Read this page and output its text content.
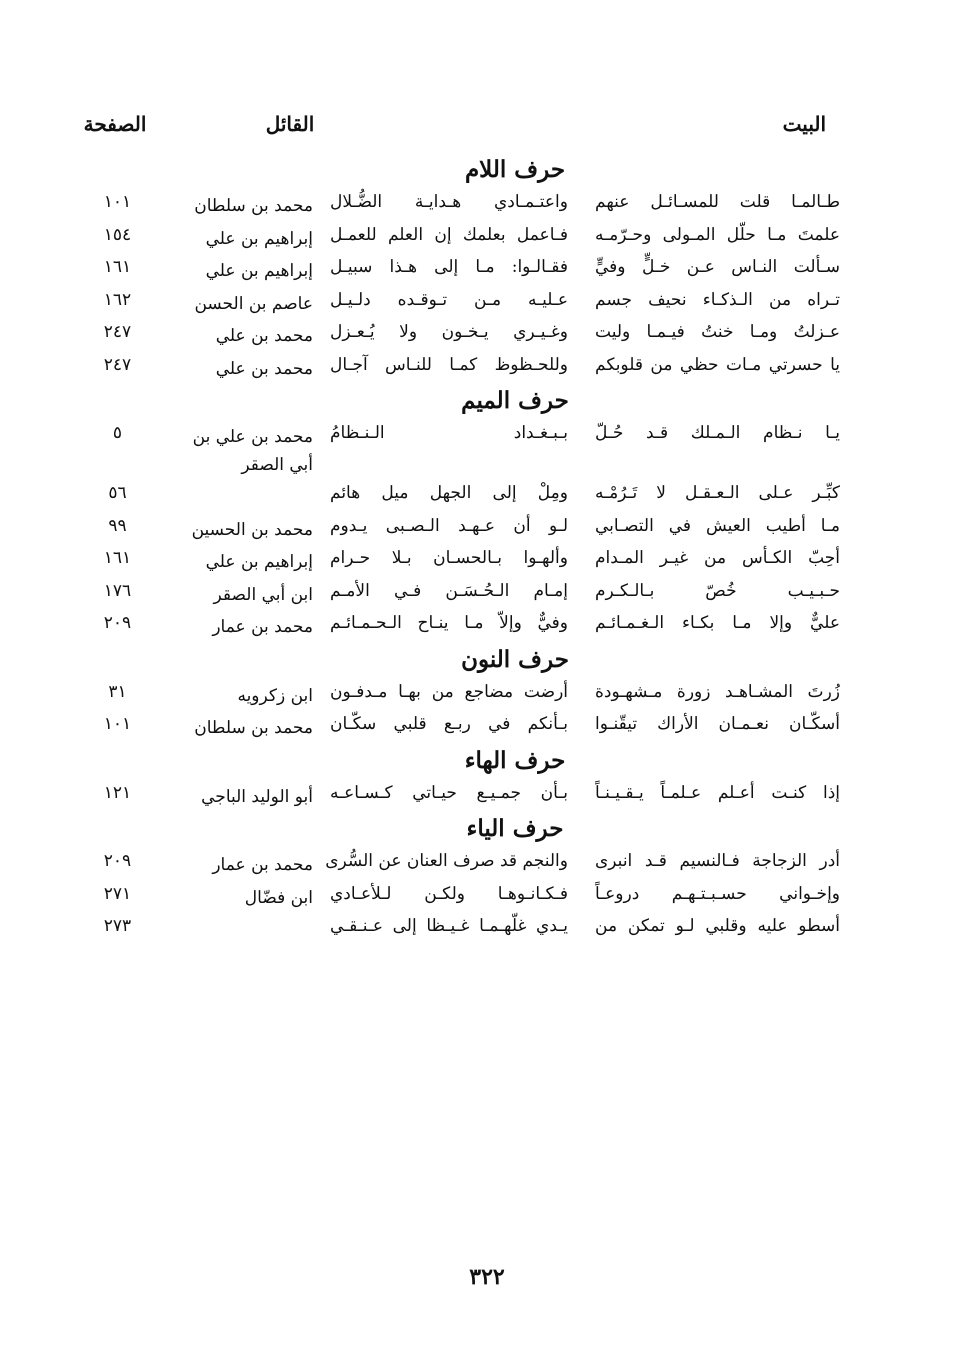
البيت
القائل
الصفحة
حرف اللام
طـالمـا قلت للمسـائـل عنهم
واعتـمـادي هـدايـة الضُّـلال
محمد بن سلطان
١٠١
علمتَ مـا حلّل المـولى وحـرّمـه
فـاعمل بعلمك إن العلم للعمـل
إبراهيم بن علي
١٥٤
سـألت النـاس عـن خـلٍّ وفيٍّ
فقـالـوا: مـا إلى هـذا سبيـل
إبراهيم بن علي
١٦١
تـراه من الـذكـاء نحيف جسم
عـليـه مـن تـوقـده دلـيـل
عاصم بن الحسن
١٦٢
عـزلتُ ومـا خنتُ فيـمـا وليت
وغـيـري يـخـون ولا يُـعـزل
محمد بن علي
٢٤٧
يا حسرتي مـات حظي من قلوبكم
وللحـظوظ كمـا للنـاس آجـال
محمد بن علي
٢٤٧
حرف الميم
يـا نـظام الـمـلك قـد حُـلّ
بـبـغـداد الـنـظامُ
محمد بن علي بن أبي الصقر
٥
كبِّـر عـلى الـعـقـل لا تَـرُمْـه
ومِلْ إلى الجهل ميل هائم
٥٦
مـا أطيب العيش في التصـابي
لـو أن عـهـد الـصـبى يـدوم
محمد بن الحسين
٩٩
أحِبّ الكـأس من غيـر المـدام
وألهـوا بـالحسـان بـلا حـرام
إبراهيم بن علي
١٦١
حـبـيـب خُصّ بـالـكـرم
إمـام الـحُـسَـن فـي الأمـم
ابن أبي الصقر
١٧٦
عليٌّ وإلا مـا بكـاء الـغـمـائـم
وفيٌّ وإلاّ مـا ينـاح الـحـمـائـم
محمد بن عمار
٢٠٩
حرف النون
زُرتَ المشـاهـد زورة مـشهـودة
أرضت مضاجع من بهـا مـدفـون
ابن زكرويه
٣١
أسكّـان نعـمـان الأراك تيقّنـوا
بـأنكم في ربـع قلبي سكّـان
محمد بن سلطان
١٠١
حرف الهاء
إذا كنـت أعـلم عـلمـاً يـقـيـنـاً
بـأن جمـيـع حيـاتي كـسـاعـه
أبو الوليد الباجي
١٢١
حرف الياء
أدر الزجاجة فـالنسيم قـد انبرى
والنجم قد صرف العنان عن السُّرى
محمد بن عمار
٢٠٩
وإخـواني حسـبـتـهـم دروعـاً
فـكـانـوهـا ولكـن لـلأعـادي
ابن فضّال
٢٧١
أسطو عليه وقلبي لـو تمكن من
يـدي غلّهـمـا غـيـظا إلى عـنـقـي
٢٧٣
٣٢٢
